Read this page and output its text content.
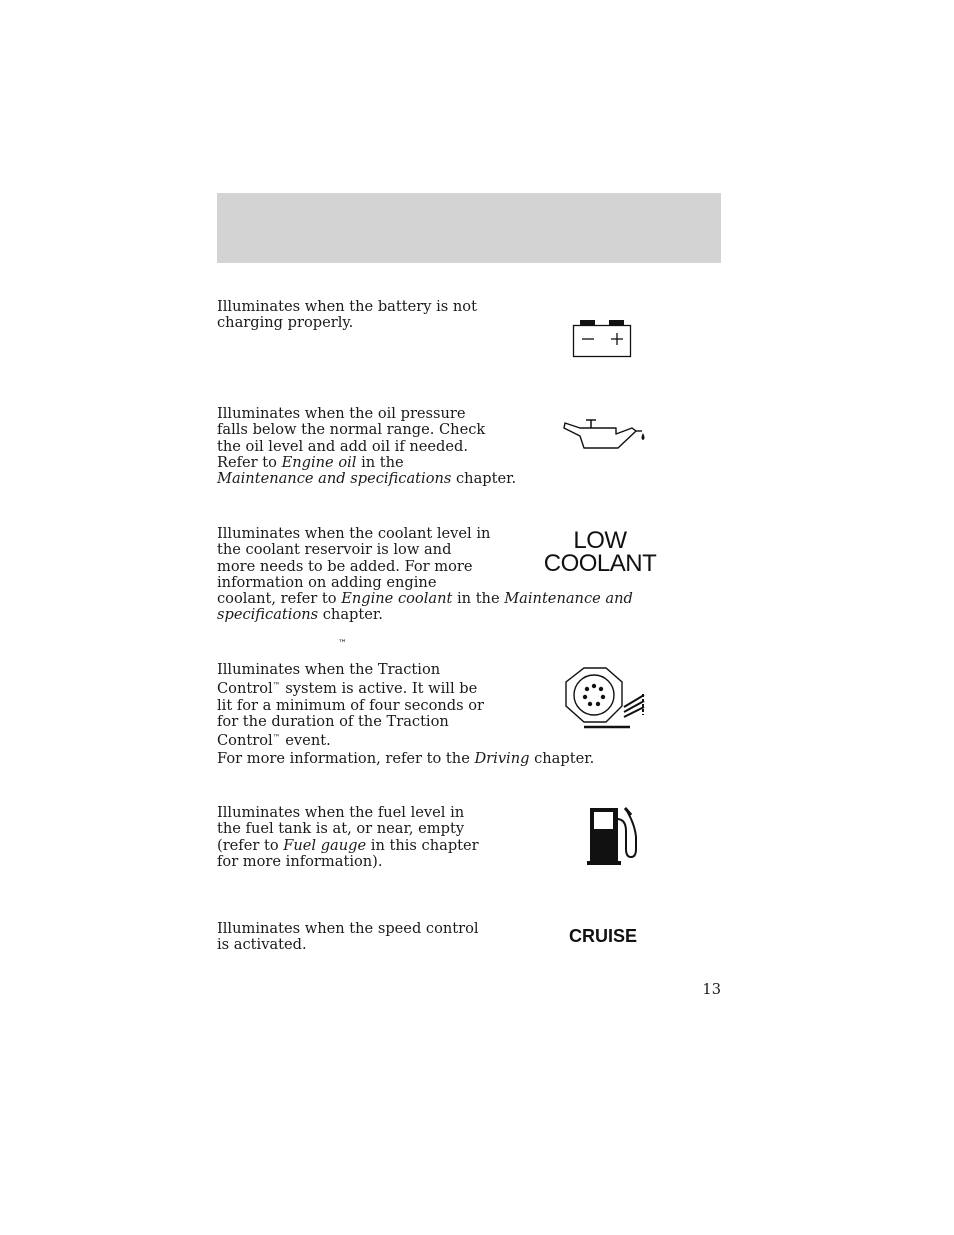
Illuminates when the battery is not
charging properly.

Illuminates when the oil pressure
falls below the normal range. Check
the oil level and add oil if needed.
Refer to Engine oil in the
Maintenance and specifications chapter.

Illuminates when the coolant level in
the coolant reservoir is low and
more needs to be added. For more
information on adding engine
coolant, refer to Engine coolant in the Maintenance and
specifications chapter.

LOW
COOLANT
™

Illuminates when the Traction
Control™ system is active. It will be
lit for a minimum of four seconds or
for the duration of the Traction
Control™ event.

For more information, refer to the Driving chapter.

Illuminates when the fuel level in
the fuel tank is at, or near, empty
(refer to Fuel gauge in this chapter
for more information).

Illuminates when the speed control
is activated.	CRUISE
13
